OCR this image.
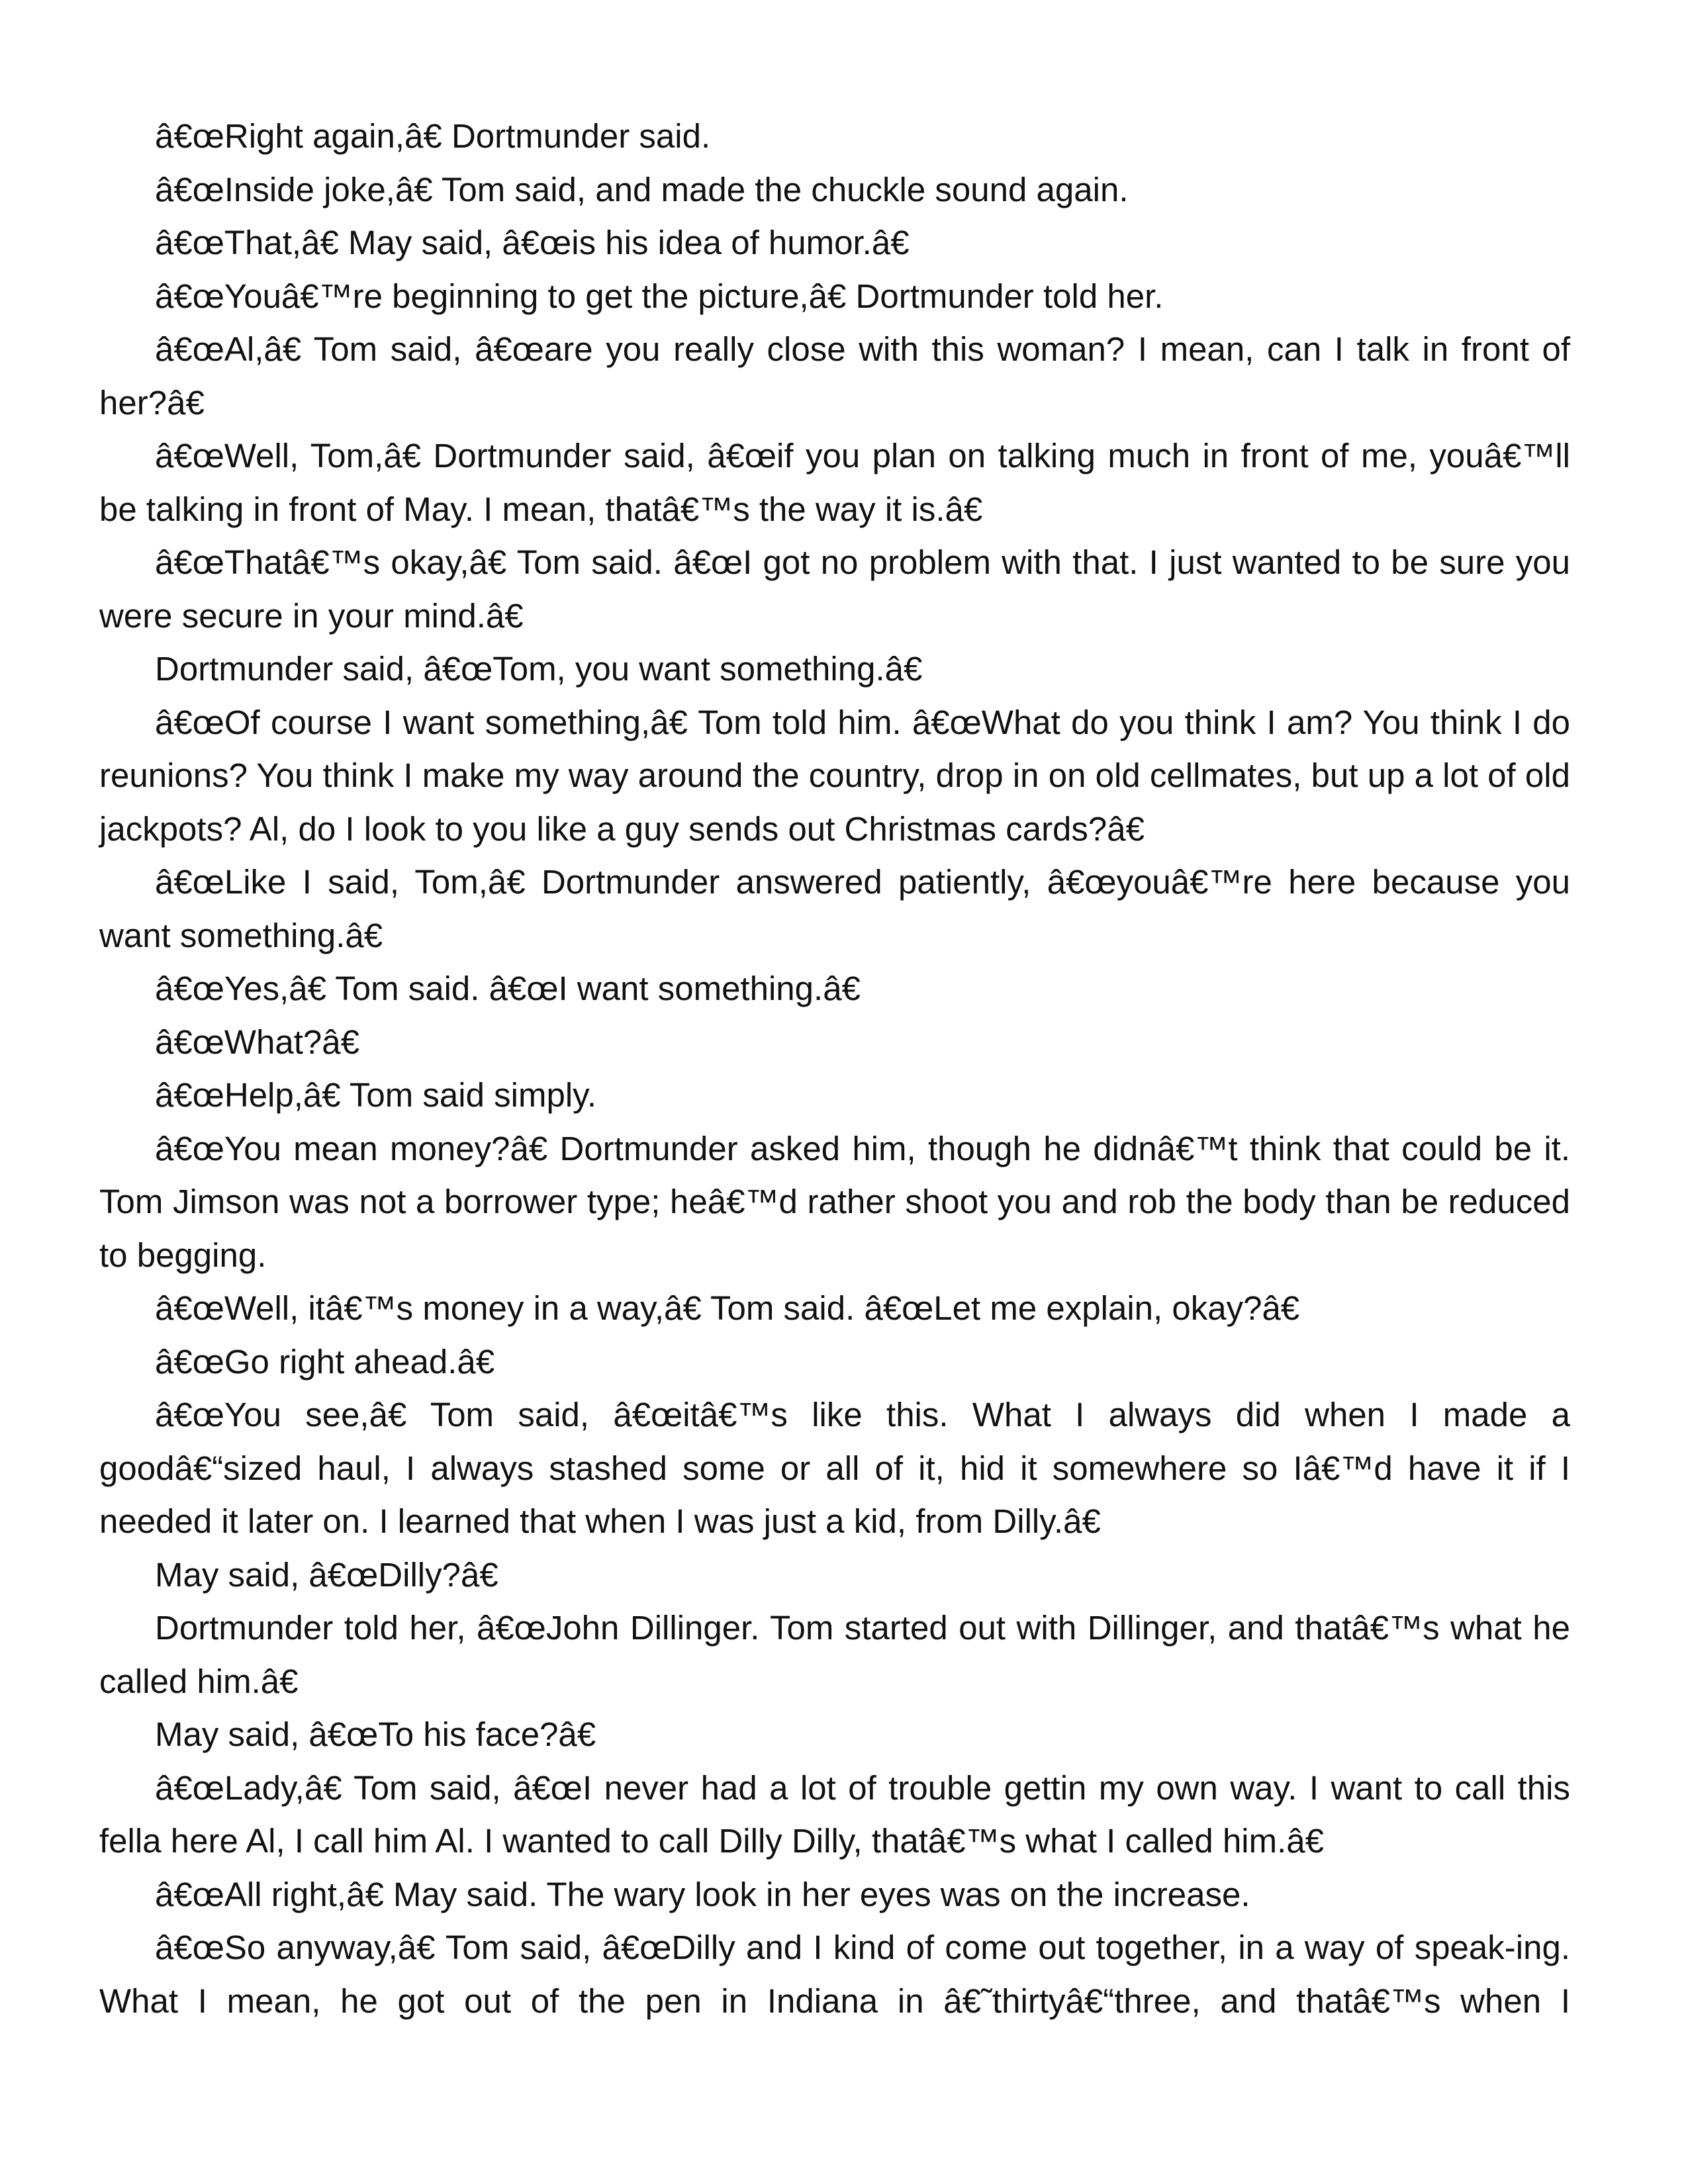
â€œRight again,â€ Dortmunder said.

â€œInside joke,â€ Tom said, and made the chuckle sound again.

â€œThat,â€ May said, â€œis his idea of humor.â€

â€œYouâ€™re beginning to get the picture,â€ Dortmunder told her.

â€œAl,â€ Tom said, â€œare you really close with this woman? I mean, can I talk in front of her?â€

â€œWell, Tom,â€ Dortmunder said, â€œif you plan on talking much in front of me, youâ€™ll be talking in front of May. I mean, thatâ€™s the way it is.â€

â€œThatâ€™s okay,â€ Tom said. â€œI got no problem with that. I just wanted to be sure you were secure in your mind.â€

Dortmunder said, â€œTom, you want something.â€

â€œOf course I want something,â€ Tom told him. â€œWhat do you think I am? You think I do reunions? You think I make my way around the country, drop in on old cellmates, but up a lot of old jackpots? Al, do I look to you like a guy sends out Christmas cards?â€

â€œLike I said, Tom,â€ Dortmunder answered patiently, â€œyouâ€™re here because you want something.â€

â€œYes,â€ Tom said. â€œI want something.â€

â€œWhat?â€

â€œHelp,â€ Tom said simply.

â€œYou mean money?â€ Dortmunder asked him, though he didnâ€™t think that could be it. Tom Jimson was not a borrower type; heâ€™d rather shoot you and rob the body than be reduced to begging.

â€œWell, itâ€™s money in a way,â€ Tom said. â€œLet me explain, okay?â€

â€œGo right ahead.â€

â€œYou see,â€ Tom said, â€œitâ€™s like this. What I always did when I made a goodâ€“sized haul, I always stashed some or all of it, hid it somewhere so Iâ€™d have it if I needed it later on. I learned that when I was just a kid, from Dilly.â€

May said, â€œDilly?â€

Dortmunder told her, â€œJohn Dillinger. Tom started out with Dillinger, and thatâ€™s what he called him.â€

May said, â€œTo his face?â€

â€œLady,â€ Tom said, â€œI never had a lot of trouble gettin my own way. I want to call this fella here Al, I call him Al. I wanted to call Dilly Dilly, thatâ€™s what I called him.â€

â€œAll right,â€ May said. The wary look in her eyes was on the increase.

â€œSo anyway,â€ Tom said, â€œDilly and I kind of come out together, in a way of speak-ing. What I mean, he got out of the pen in Indiana in â€˜thirtyâ€“three, and thatâ€™s when I
